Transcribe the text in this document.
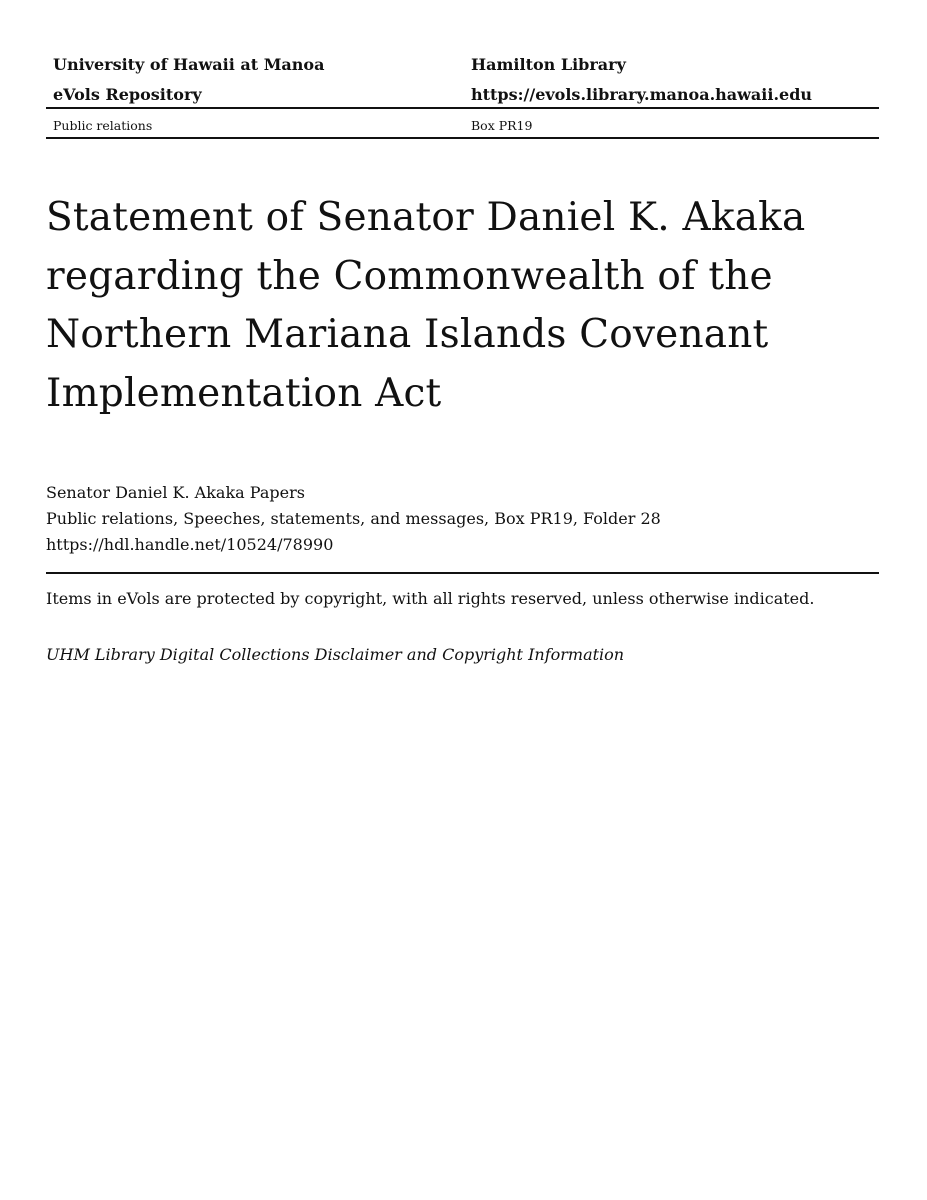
University of Hawaii at Manoa	Hamilton Library
eVols Repository	https://evols.library.manoa.hawaii.edu
Public relations	Box PR19
Statement of Senator Daniel K. Akaka regarding the Commonwealth of the Northern Mariana Islands Covenant Implementation Act
Senator Daniel K. Akaka Papers
Public relations, Speeches, statements, and messages, Box PR19, Folder 28
https://hdl.handle.net/10524/78990
Items in eVols are protected by copyright, with all rights reserved, unless otherwise indicated.
UHM Library Digital Collections Disclaimer and Copyright Information
